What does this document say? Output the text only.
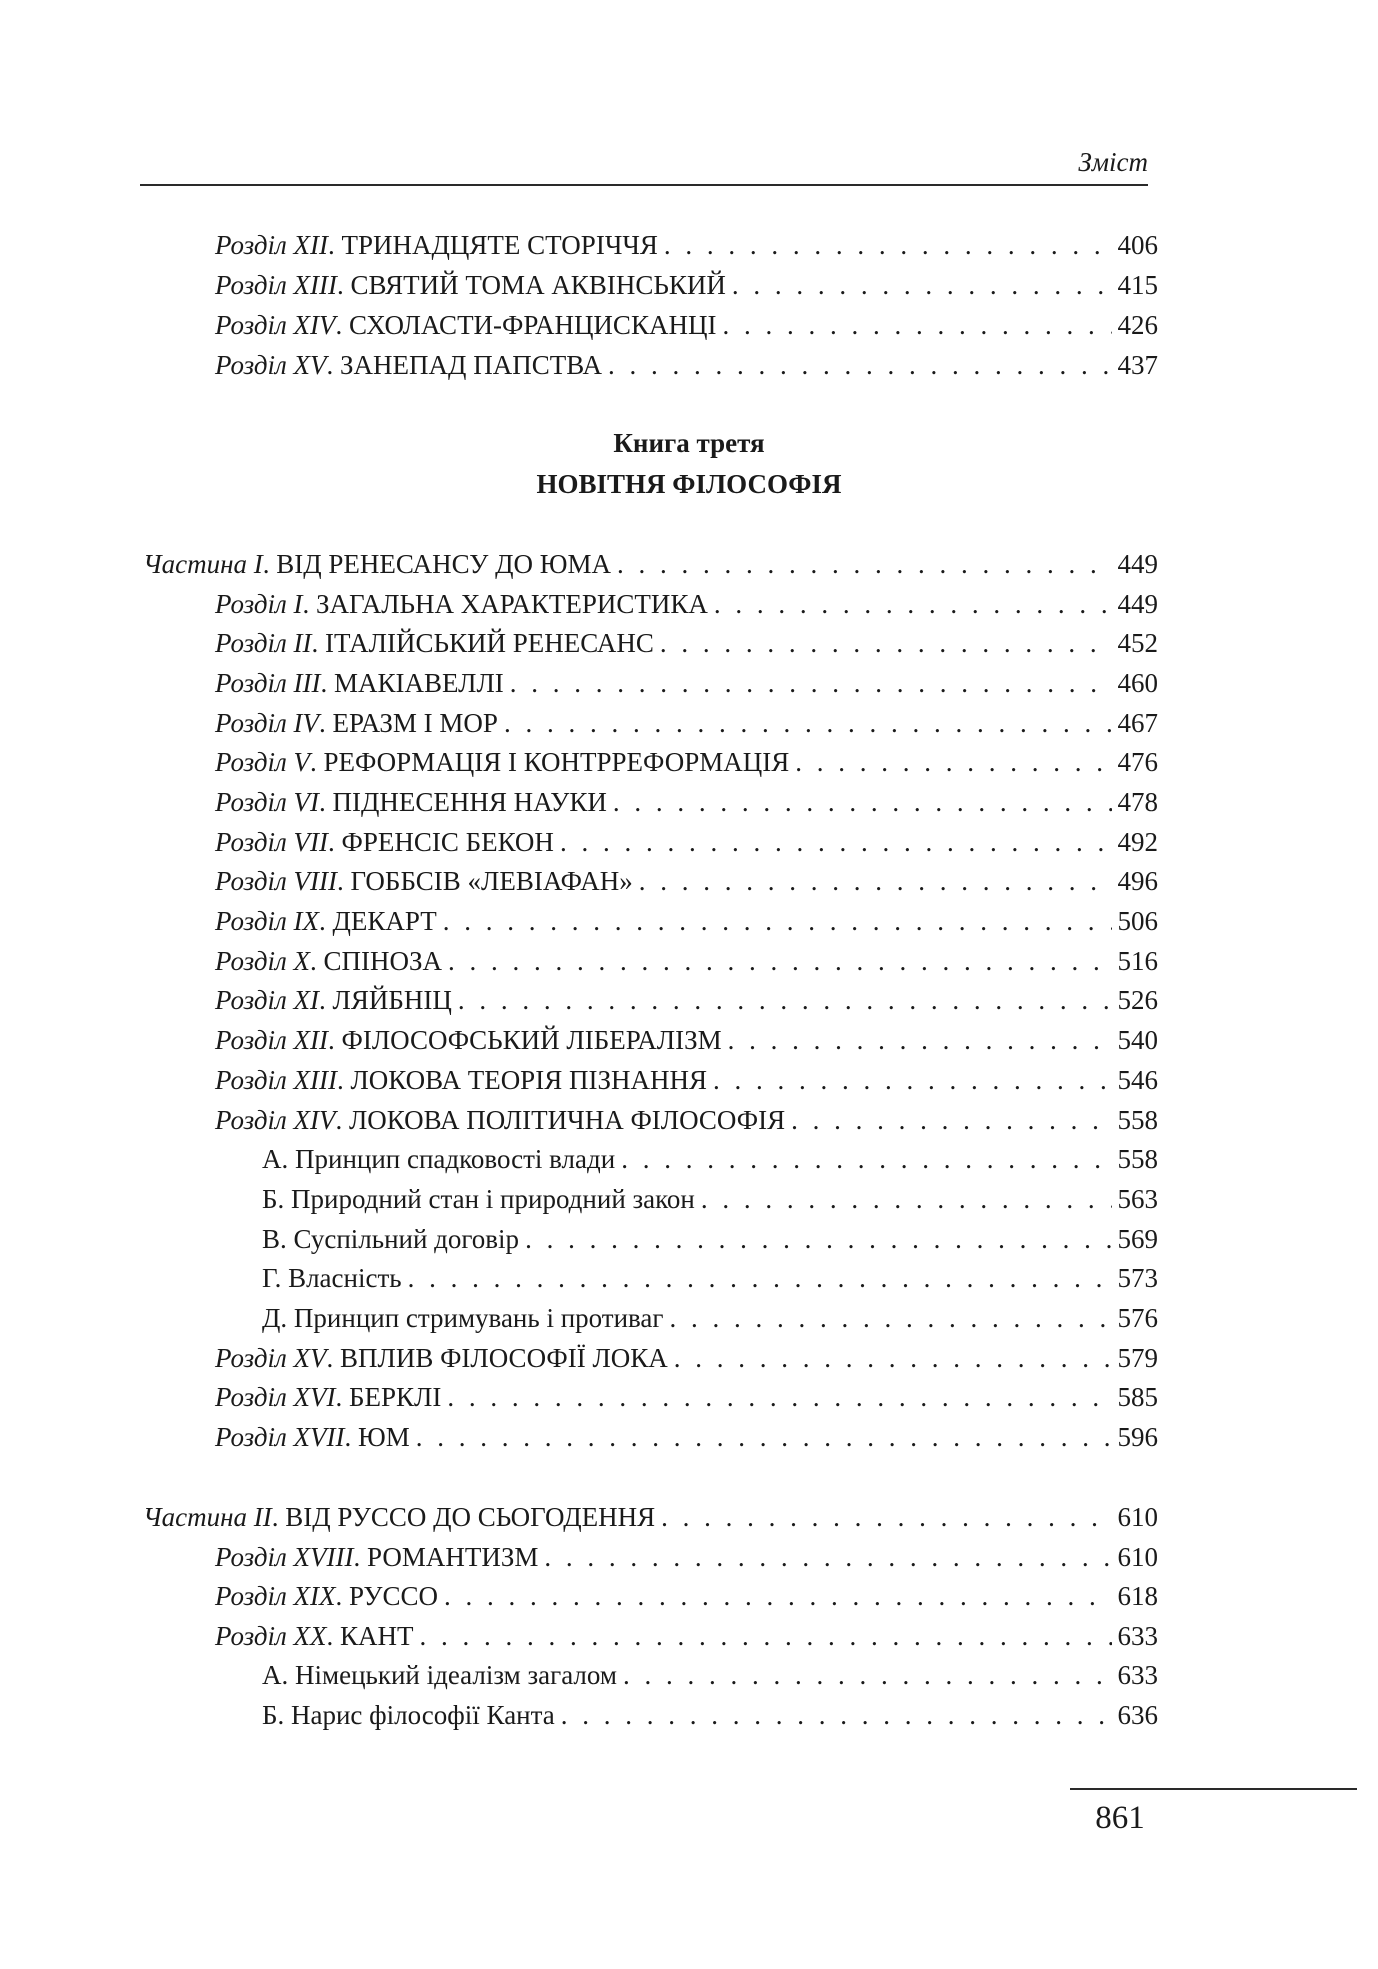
Зміст
Розділ XII . ТРИНАДЦЯТЕ СТОРІЧЧЯ . . .	406
Розділ XIII . СВЯТИЙ ТОМА АКВІНСЬКИЙ . . .	415
Розділ XIV . СХОЛАСТИ-ФРАНЦИСКАНЦІ . . .	426
Розділ XV . ЗАНЕПАД ПАПСТВА . . .	437
Книга третя
НОВІТНЯ ФІЛОСОФІЯ
Частина I . ВІД РЕНЕСАНСУ ДО ЮМА . . .	449
Розділ I . ЗАГАЛЬНА ХАРАКТЕРИСТИКА . . .	449
Розділ II . ІТАЛІЙСЬКИЙ РЕНЕСАНС . . .	452
Розділ III . МАКІАВЕЛЛІ . . .	460
Розділ IV . ЕРАЗМ І МОР . . .	467
Розділ V . РЕФОРМАЦІЯ І КОНТРРЕФОРМАЦІЯ . . .	476
Розділ VI . ПІДНЕСЕННЯ НАУКИ . . .	478
Розділ VII . ФРЕНСІС БЕКОН . . .	492
Розділ VIII . ГОББСІВ «ЛЕВІАФАН» . . .	496
Розділ IX . ДЕКАРТ . . .	506
Розділ X . СПІНОЗА . . .	516
Розділ XI . ЛЯЙБНІЦ . . .	526
Розділ XII . ФІЛОСОФСЬКИЙ ЛІБЕРАЛІЗМ . . .	540
Розділ XIII . ЛОКОВА ТЕОРІЯ ПІЗНАННЯ . . .	546
Розділ XIV . ЛОКОВА ПОЛІТИЧНА ФІЛОСОФІЯ . . .	558
А. Принцип спадковості влади . . .	558
Б. Природний стан і природний закон . . .	563
В. Суспільний договір . . .	569
Г. Власність . . .	573
Д. Принцип стримувань і противаг . . .	576
Розділ XV . ВПЛИВ ФІЛОСОФІЇ ЛОКА . . .	579
Розділ XVI . БЕРКЛІ . . .	585
Розділ XVII . ЮМ . . .	596
Частина II . ВІД РУССО ДО СЬОГОДЕННЯ . . .	610
Розділ XVIII . РОМАНТИЗМ . . .	610
Розділ XIX . РУССО . . .	618
Розділ XX . КАНТ . . .	633
А. Німецький ідеалізм загалом . . .	633
Б. Нарис філософії Канта . . .	636
861
